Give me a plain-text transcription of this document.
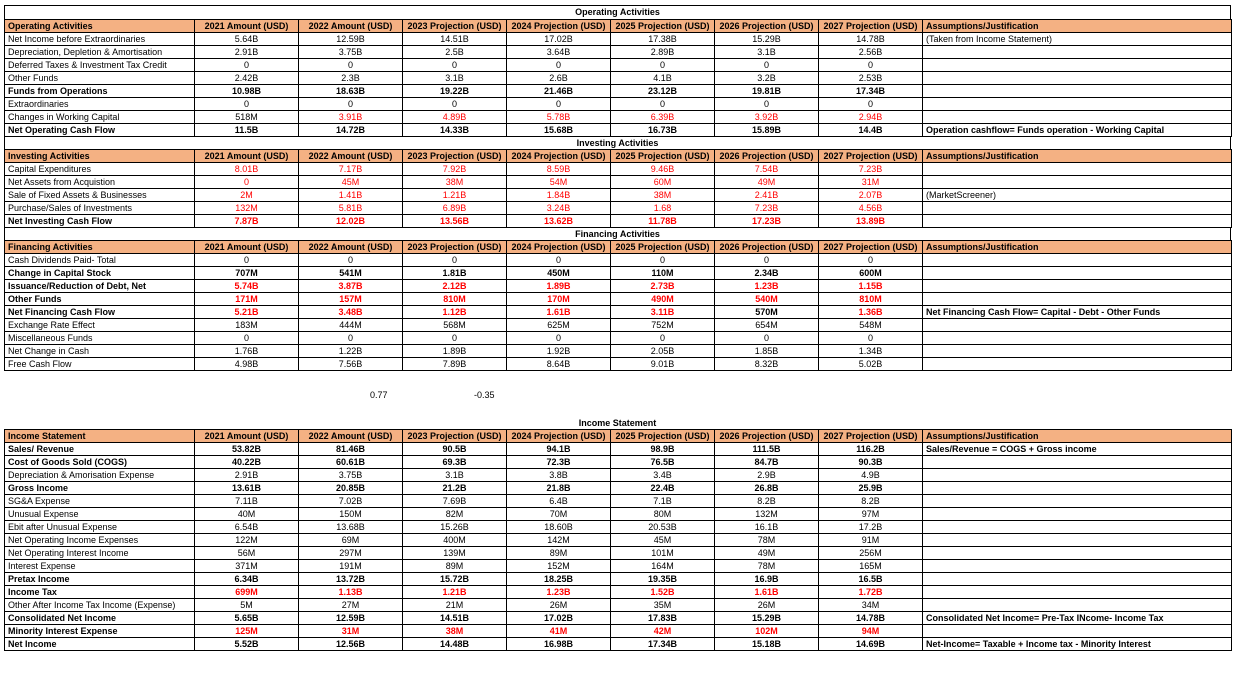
Operating Activities
Operating Activities	2021 Amount (USD)	2022 Amount (USD)	2023 Projection (USD)	2024 Projection (USD)	2025 Projection (USD)	2026 Projection (USD)	2027 Projection (USD)	Assumptions/Justification
Net Income before Extraordinaries	5.64B	12.59B	14.51B	17.02B	17.38B	15.29B	14.78B	(Taken from Income Statement)
Depreciation, Depletion & Amortisation	2.91B	3.75B	2.5B	3.64B	2.89B	3.1B	2.56B	
Deferred Taxes & Investment Tax Credit	0	0	0	0	0	0	0	
Other Funds	2.42B	2.3B	3.1B	2.6B	4.1B	3.2B	2.53B	
Funds from Operations	10.98B	18.63B	19.22B	21.46B	23.12B	19.81B	17.34B	
Extraordinaries	0	0	0	0	0	0	0	
Changes in Working Capital	518M	3.91B	4.89B	5.78B	6.39B	3.92B	2.94B	
Net Operating Cash Flow	11.5B	14.72B	14.33B	15.68B	16.73B	15.89B	14.4B	Operation cashflow= Funds operation - Working Capital
Investing Activities
Investing Activities	2021 Amount (USD)	2022 Amount (USD)	2023 Projection (USD)	2024 Projection (USD)	2025 Projection (USD)	2026 Projection (USD)	2027 Projection (USD)	Assumptions/Justification
Capital Expenditures	8.01B	7.17B	7.92B	8.59B	9.46B	7.54B	7.23B	
Net Assets from Acquistion	0	45M	38M	54M	60M	49M	31M	
Sale of Fixed Assets & Businesses	2M	1.41B	1.21B	1.84B	38M	2.41B	2.07B	(MarketScreener)
Purchase/Sales of Investments	132M	5.81B	6.89B	3.24B	1.68	7.23B	4.56B	
Net Investing Cash Flow	7.87B	12.02B	13.56B	13.62B	11.78B	17.23B	13.89B	
Financing Activities
Financing Activities	2021 Amount (USD)	2022 Amount (USD)	2023 Projection (USD)	2024 Projection (USD)	2025 Projection (USD)	2026 Projection (USD)	2027 Projection (USD)	Assumptions/Justification
Cash Dividends Paid- Total	0	0	0	0	0	0	0	
Change in Capital Stock	707M	541M	1.81B	450M	110M	2.34B	600M	
Issuance/Reduction of Debt, Net	5.74B	3.87B	2.12B	1.89B	2.73B	1.23B	1.15B	
Other Funds	171M	157M	810M	170M	490M	540M	810M	
Net Financing Cash Flow	5.21B	3.48B	1.12B	1.61B	3.11B	570M	1.36B	Net Financing Cash Flow= Capital - Debt - Other Funds
Exchange Rate Effect	183M	444M	568M	625M	752M	654M	548M	
Miscellaneous Funds	0	0	0	0	0	0	0	
Net Change in Cash	1.76B	1.22B	1.89B	1.92B	2.05B	1.85B	1.34B	
Free Cash Flow	4.98B	7.56B	7.89B	8.64B	9.01B	8.32B	5.02B	
0.77	-0.35
Income Statement
Income Statement	2021 Amount (USD)	2022 Amount (USD)	2023 Projection (USD)	2024 Projection (USD)	2025 Projection (USD)	2026 Projection (USD)	2027 Projection (USD)	Assumptions/Justification
Sales/ Revenue	53.82B	81.46B	90.5B	94.1B	98.9B	111.5B	116.2B	Sales/Revenue = COGS + Gross income
Cost of Goods Sold (COGS)	40.22B	60.61B	69.3B	72.3B	76.5B	84.7B	90.3B	
Depreciation & Amorisation Expense	2.91B	3.75B	3.1B	3.8B	3.4B	2.9B	4.9B	
Gross Income	13.61B	20.85B	21.2B	21.8B	22.4B	26.8B	25.9B	
SG&A Expense	7.11B	7.02B	7.69B	6.4B	7.1B	8.2B	8.2B	
Unusual Expense	40M	150M	82M	70M	80M	132M	97M	
Ebit after Unusual Expense	6.54B	13.68B	15.26B	18.60B	20.53B	16.1B	17.2B	
Net Operating Income Expenses	122M	69M	400M	142M	45M	78M	91M	
Net Operating Interest Income	56M	297M	139M	89M	101M	49M	256M	
Interest Expense	371M	191M	89M	152M	164M	78M	165M	
Pretax Income	6.34B	13.72B	15.72B	18.25B	19.35B	16.9B	16.5B	
Income Tax	699M	1.13B	1.21B	1.23B	1.52B	1.61B	1.72B	
Other After Income Tax Income (Expense)	5M	27M	21M	26M	35M	26M	34M	
Consolidated Net Income	5.65B	12.59B	14.51B	17.02B	17.83B	15.29B	14.78B	Consolidated Net Income= Pre-Tax INcome- Income Tax
Minority Interest Expense	125M	31M	38M	41M	42M	102M	94M	
Net Income	5.52B	12.56B	14.48B	16.98B	17.34B	15.18B	14.69B	Net-Income= Taxable + Income tax - Minority Interest
